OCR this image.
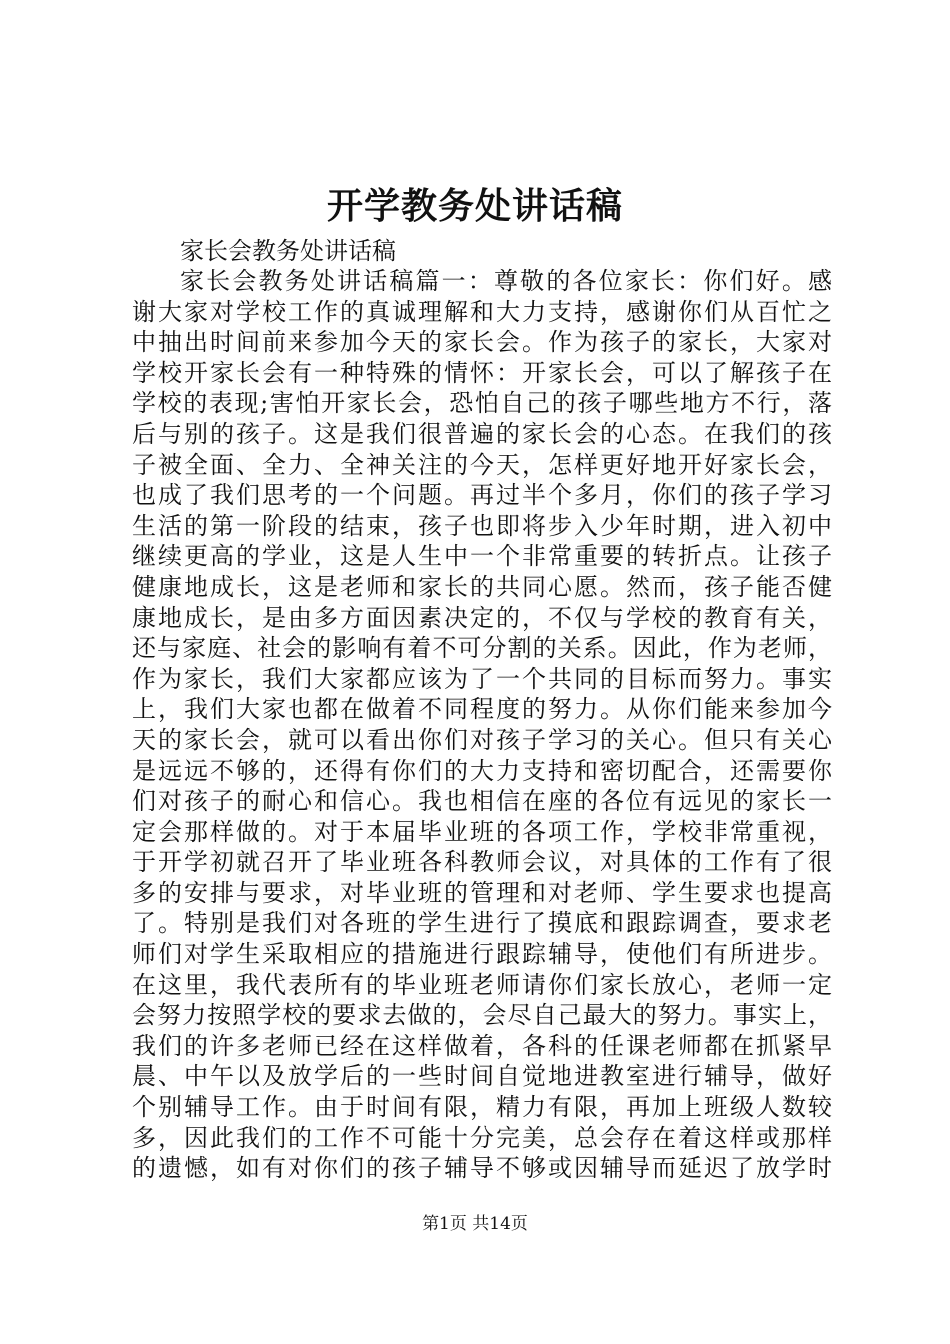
开学教务处讲话稿
家长会教务处讲话稿
家长会教务处讲话稿篇一：尊敬的各位家长：你们好。感
谢大家对学校工作的真诚理解和大力支持，感谢你们从百忙之
中抽出时间前来参加今天的家长会。作为孩子的家长，大家对
学校开家长会有一种特殊的情怀：开家长会，可以了解孩子在
学校的表现;害怕开家长会，恐怕自己的孩子哪些地方不行，落
后与别的孩子。这是我们很普遍的家长会的心态。在我们的孩
子被全面、全力、全神关注的今天，怎样更好地开好家长会，
也成了我们思考的一个问题。再过半个多月，你们的孩子学习
生活的第一阶段的结束，孩子也即将步入少年时期，进入初中
继续更高的学业，这是人生中一个非常重要的转折点。让孩子
健康地成长，这是老师和家长的共同心愿。然而，孩子能否健
康地成长，是由多方面因素决定的，不仅与学校的教育有关，
还与家庭、社会的影响有着不可分割的关系。因此，作为老师，
作为家长，我们大家都应该为了一个共同的目标而努力。事实
上，我们大家也都在做着不同程度的努力。从你们能来参加今
天的家长会，就可以看出你们对孩子学习的关心。但只有关心
是远远不够的，还得有你们的大力支持和密切配合，还需要你
们对孩子的耐心和信心。我也相信在座的各位有远见的家长一
定会那样做的。对于本届毕业班的各项工作，学校非常重视，
于开学初就召开了毕业班各科教师会议，对具体的工作有了很
多的安排与要求，对毕业班的管理和对老师、学生要求也提高
了。特别是我们对各班的学生进行了摸底和跟踪调查，要求老
师们对学生采取相应的措施进行跟踪辅导，使他们有所进步。
在这里，我代表所有的毕业班老师请你们家长放心，老师一定
会努力按照学校的要求去做的，会尽自己最大的努力。事实上，
我们的许多老师已经在这样做着，各科的任课老师都在抓紧早
晨、中午以及放学后的一些时间自觉地进教室进行辅导，做好
个别辅导工作。由于时间有限，精力有限，再加上班级人数较
多，因此我们的工作不可能十分完美，总会存在着这样或那样
的遗憾，如有对你们的孩子辅导不够或因辅导而延迟了放学时
第1页 共14页
